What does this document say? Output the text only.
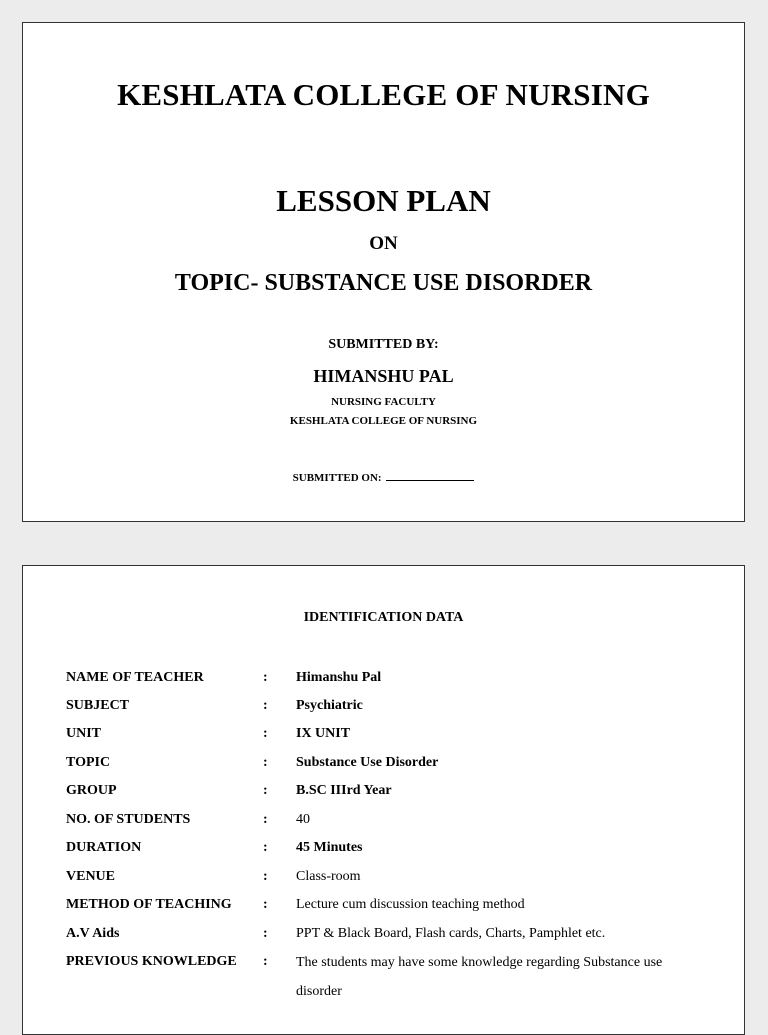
KESHLATA COLLEGE OF NURSING
LESSON PLAN
ON
TOPIC- SUBSTANCE USE DISORDER
SUBMITTED BY:
HIMANSHU PAL
NURSING FACULTY
KESHLATA COLLEGE OF NURSING
SUBMITTED ON:
IDENTIFICATION DATA
NAME OF TEACHER	: Himanshu Pal
SUBJECT	: Psychiatric
UNIT	: IX UNIT
TOPIC	: Substance Use Disorder
GROUP	: B.SC IIIrd Year
NO. OF STUDENTS	: 40
DURATION	: 45 Minutes
VENUE	: Class-room
METHOD OF TEACHING : Lecture cum discussion teaching method
A.V Aids	: PPT & Black Board, Flash cards, Charts, Pamphlet etc.
PREVIOUS KNOWLEDGE : The students may have some knowledge regarding Substance use disorder
